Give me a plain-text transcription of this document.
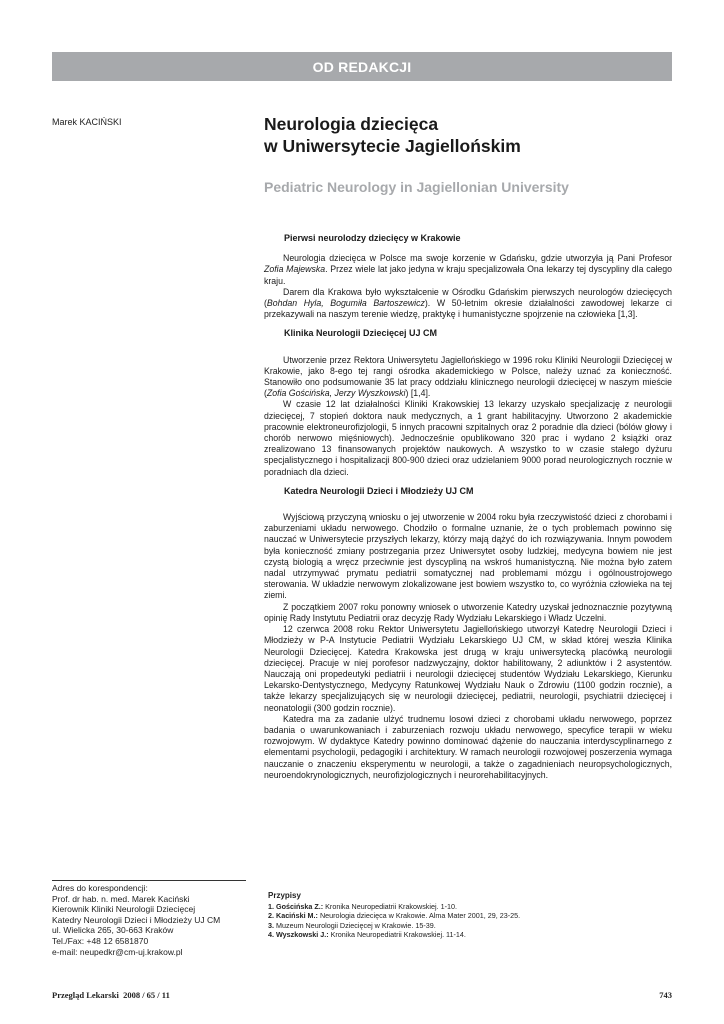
OD REDAKCJI
Marek KACIŃSKI	Neurologia dziecięca
w Uniwersytecie Jagiellońskim
Pediatric Neurology in Jagiellonian University
Pierwsi neurolodzy dziecięcy w Krakowie

Neurologia dziecięca w Polsce ma swoje korzenie w Gdańsku, gdzie utworzyła ją Pani Profesor Zofia Majewska. Przez wiele lat jako jedyna w kraju specjalizowała Ona lekarzy tej dyscypliny dla całego kraju.

Darem dla Krakowa było wykształcenie w Ośrodku Gdańskim pierwszych neurologów dziecięcych (Bohdan Hyla, Bogumiła Bartoszewicz). W 50-letnim okresie działalności zawodowej lekarze ci przekazywali na naszym terenie wiedzę, praktykę i humanistyczne spojrzenie na człowieka [1,3].

Klinika Neurologii Dziecięcej UJ CM

Utworzenie przez Rektora Uniwersytetu Jagiellońskiego w 1996 roku Kliniki Neurologii Dziecięcej w Krakowie, jako 8-ego tej rangi ośrodka akademickiego w Polsce, należy uznać za konieczność. Stanowiło ono podsumowanie 35 lat pracy oddziału klinicznego neurologii dziecięcej w naszym mieście (Zofia Gościńska, Jerzy Wyszkowski) [1,4].

W czasie 12 lat działalności Kliniki Krakowskiej 13 lekarzy uzyskało specjalizację z neurologii dziecięcej, 7 stopień doktora nauk medycznych, a 1 grant habilitacyjny. Utworzono 2 akademickie pracownie elektroneurofizjologii, 5 innych pracowni szpitalnych oraz 2 poradnie dla dzieci (bólów głowy i chorób nerwowo mięśniowych). Jednocześnie opublikowano 320 prac i wydano 2 książki oraz zrealizowano 13 finansowanych projektów naukowych. A wszystko to w czasie stałego dyżuru specjalistycznego i hospitalizacji 800-900 dzieci oraz udzielaniem 9000 porad neurologicznych rocznie w poradniach dla dzieci.

Katedra Neurologii Dzieci i Młodzieży UJ CM

Wyjściową przyczyną wniosku o jej utworzenie w 2004 roku była rzeczywistość dzieci z chorobami i zaburzeniami układu nerwowego. Chodziło o formalne uznanie, że o tych problemach powinno się nauczać w Uniwersytecie przyszłych lekarzy, którzy mają dążyć do ich rozwiązywania. Innym powodem była konieczność zmiany postrzegania przez Uniwersytet osoby ludzkiej, medycyna bowiem nie jest czystą biologią a wręcz przeciwnie jest dyscypliną na wskroś humanistyczną. Nie można było zatem nadal utrzymywać prymatu pediatrii somatycznej nad problemami mózgu i ogólnoustrojowego sterowania. W układzie nerwowym zlokalizowane jest bowiem wszystko to, co wyróżnia człowieka na tej ziemi.

Z początkiem 2007 roku ponowny wniosek o utworzenie Katedry uzyskał jednoznacznie pozytywną opinię Rady Instytutu Pediatrii oraz decyzję Rady Wydziału Lekarskiego i Władz Uczelni.

12 czerwca 2008 roku Rektor Uniwersytetu Jagiellońskiego utworzył Katedrę Neurologii Dzieci i Młodzieży w P-A Instytucie Pediatrii Wydziału Lekarskiego UJ CM, w skład której weszła Klinika Neurologii Dziecięcej. Katedra Krakowska jest drugą w kraju uniwersytecką placówką neurologii dziecięcej. Pracuje w niej porofesor nadzwyczajny, doktor habilitowany, 2 adiunktów i 2 asystentów. Nauczają oni propedeutyki pediatrii i neurologii dziecięcej studentów Wydziału Lekarskiego, Kierunku Lekarsko-Dentystycznego, Medycyny Ratunkowej Wydziału Nauk o Zdrowiu (1100 godzin rocznie), a także lekarzy specjalizujących się w neurologii dziecięcej, pediatrii, neurologii, psychiatrii dziecięcej i neonatologii (300 godzin rocznie).

Katedra ma za zadanie ulżyć trudnemu losowi dzieci z chorobami układu nerwowego, poprzez badania o uwarunkowaniach i zaburzeniach rozwoju układu nerwowego, specyfice terapii w wieku rozwojowym. W dydaktyce Katedry powinno dominować dążenie do nauczania interdyscyplinarnego z elementami psychologii, pedagogiki i architektury. W ramach neurologii rozwojowej poszerzenia wymaga nauczanie o znaczeniu eksperymentu w neurologii, a także o zagadnieniach neuropsychologicznych, neuroendokrynologicznych, neurofizjologicznych i neurorehabilitacyjnych.

Adres do korespondencji:
Prof. dr hab. n. med. Marek Kaciński
Kierownik Kliniki Neurologii Dziecięcej
Katedry Neurologii Dzieci i Młodzieży UJ CM
ul. Wielicka 265, 30-663 Kraków
Tel./Fax: +48 12 6581870
e-mail: neupedkr@cm-uj.krakow.pl
Przypisy
1. Gościńska Z.: Kronika Neuropediatrii Krakowskiej. 1-10.
2. Kaciński M.: Neurologia dziecięca w Krakowie. Alma Mater 2001, 29, 23-25.
3. Muzeum Neurologii Dziecięcej w Krakowie. 15-39.
4. Wyszkowski J.: Kronika Neuropediatrii Krakowskiej. 11-14.
Przegląd Lekarski  2008 / 65 / 11	743
